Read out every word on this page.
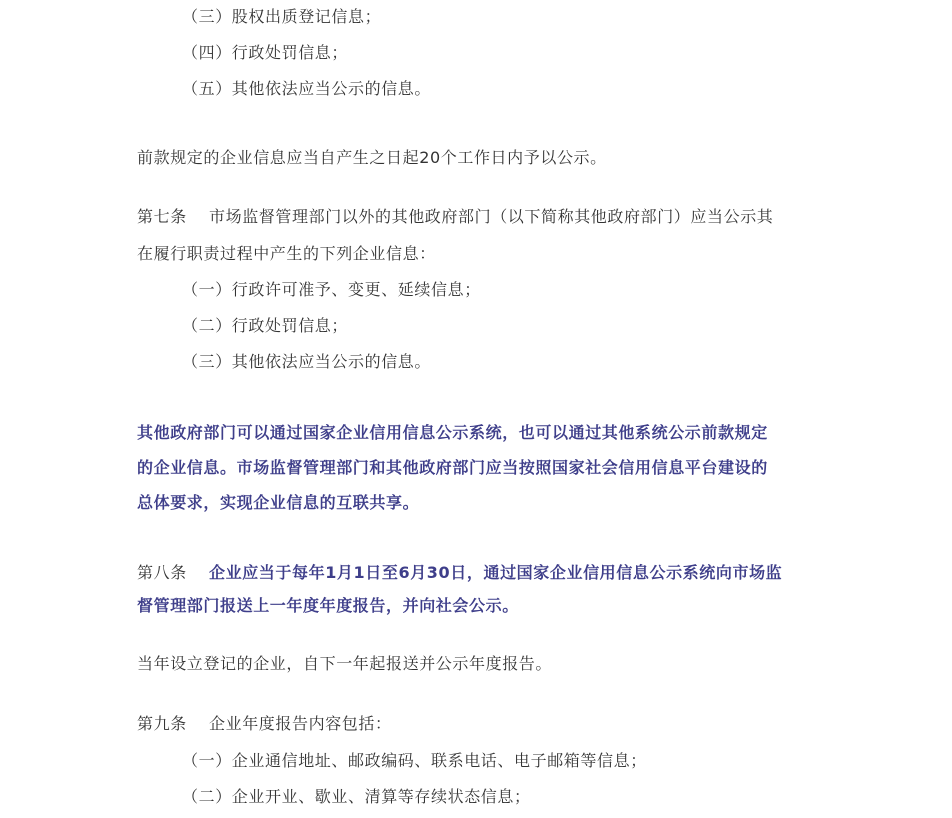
（三）股权出质登记信息；
（四）行政处罚信息；
（五）其他依法应当公示的信息。
前款规定的企业信息应当自产生之日起20个工作日内予以公示。
第七条 市场监督管理部门以外的其他政府部门（以下简称其他政府部门）应当公示其
在履行职责过程中产生的下列企业信息：
（一）行政许可准予、变更、延续信息；
（二）行政处罚信息；
（三）其他依法应当公示的信息。
其他政府部门可以通过国家企业信用信息公示系统，也可以通过其他系统公示前款规定
的企业信息。市场监督管理部门和其他政府部门应当按照国家社会信用信息平台建设的
总体要求，实现企业信息的互联共享。
第八条 企业应当于每年1月1日至6月30日，通过国家企业信用信息公示系统向市场监
督管理部门报送上一年度年度报告，并向社会公示。
当年设立登记的企业，自下一年起报送并公示年度报告。
第九条 企业年度报告内容包括：
（一）企业通信地址、邮政编码、联系电话、电子邮箱等信息；
（二）企业开业、歇业、清算等存续状态信息；
